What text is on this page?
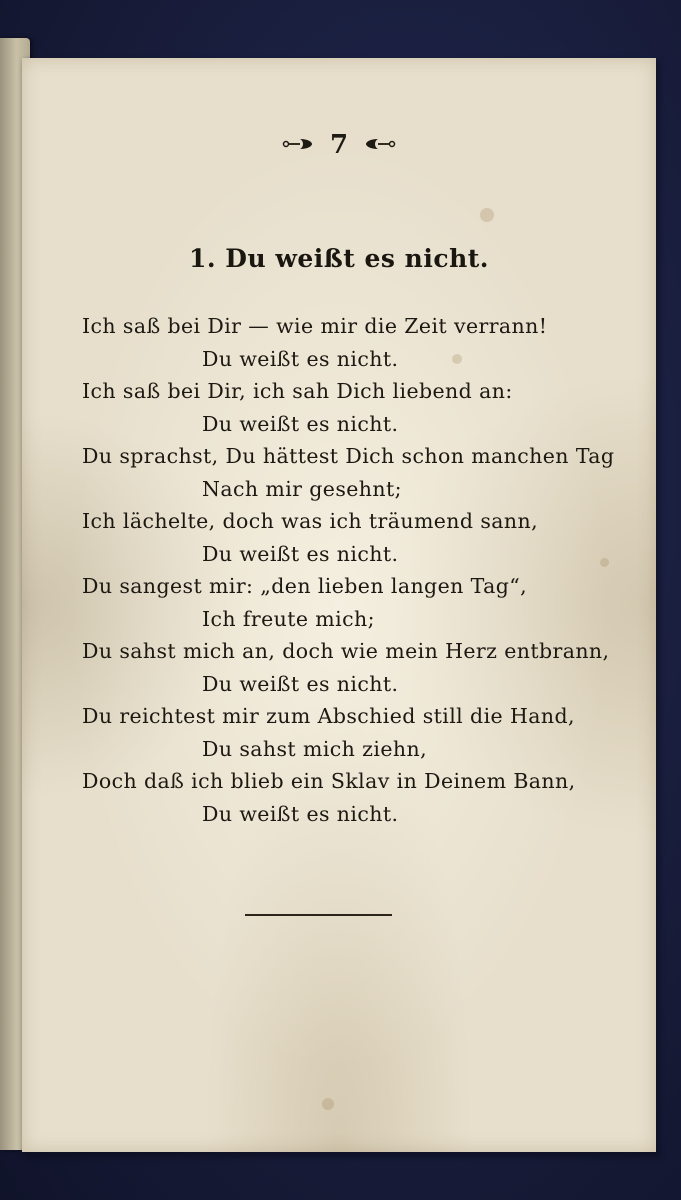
7
1. Du weißt es nicht.
Ich saß bei Dir — wie mir die Zeit verrann!
Du weißt es nicht.
Ich saß bei Dir, ich sah Dich liebend an:
Du weißt es nicht.
Du sprachst, Du hättest Dich schon manchen Tag
Nach mir gesehnt;
Ich lächelte, doch was ich träumend sann,
Du weißt es nicht.
Du sangest mir: „den lieben langen Tag“,
Ich freute mich;
Du sahst mich an, doch wie mein Herz entbrann,
Du weißt es nicht.
Du reichtest mir zum Abschied still die Hand,
Du sahst mich ziehn,
Doch daß ich blieb ein Sklav in Deinem Bann,
Du weißt es nicht.
